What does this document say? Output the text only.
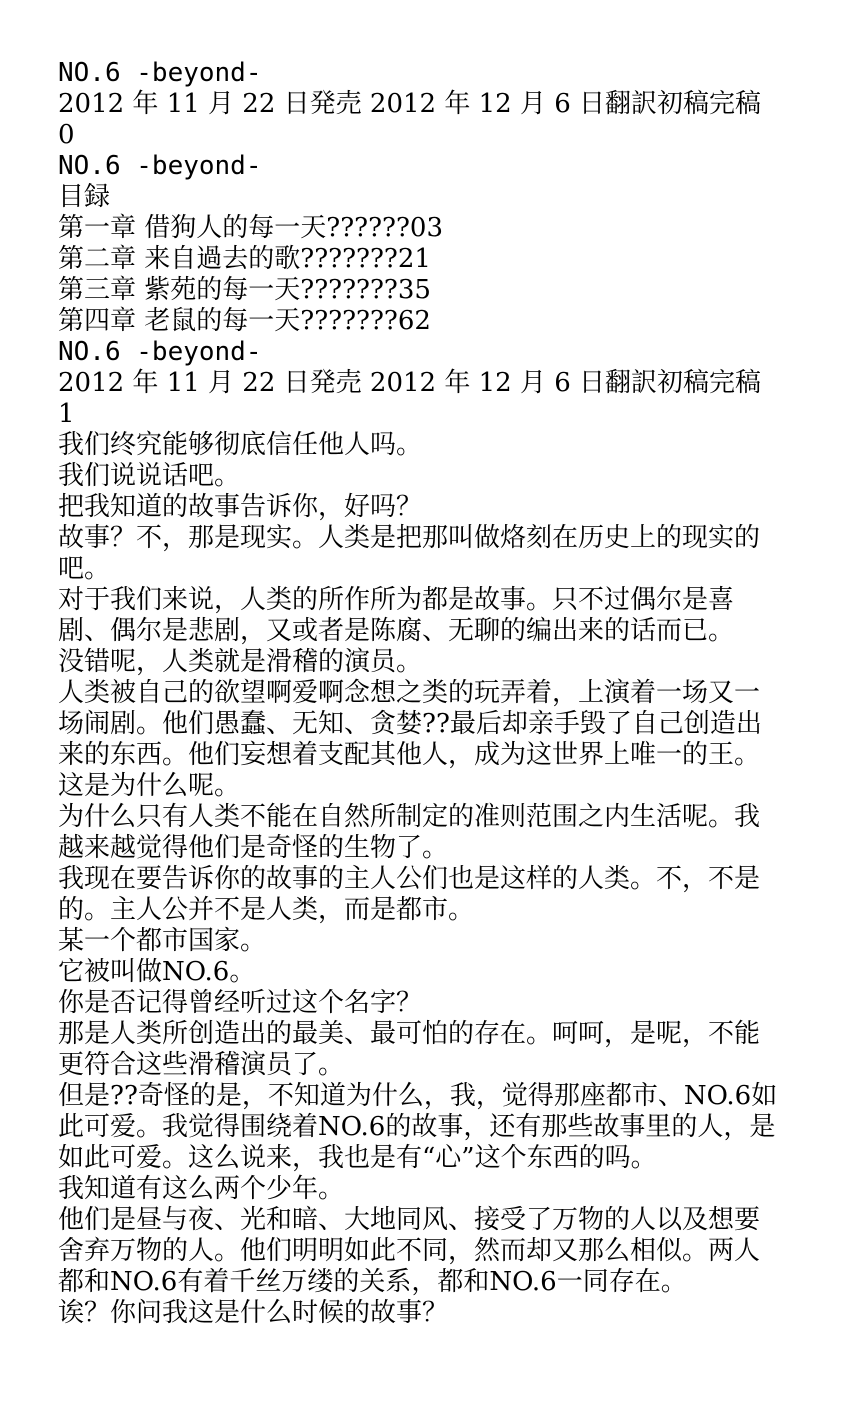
NO.6 -beyond-
2012 年 11 月 22 日発売 2012 年 12 月 6 日翻訳初稿完稿
0
NO.6 -beyond-
目録
第一章 借狗人的每一天??????03
第二章 来自過去的歌???????21
第三章 紫苑的每一天???????35
第四章 老鼠的每一天???????62
NO.6 -beyond-
2012 年 11 月 22 日発売 2012 年 12 月 6 日翻訳初稿完稿
1
我们终究能够彻底信任他人吗。
我们说说话吧。
把我知道的故事告诉你，好吗？
故事？不，那是现实。人类是把那叫做烙刻在历史上的现实的
吧。
对于我们来说，人类的所作所为都是故事。只不过偶尔是喜
剧、偶尔是悲剧，又或者是陈腐、无聊的编出来的话而已。
没错呢，人类就是滑稽的演员。
人类被自己的欲望啊爱啊念想之类的玩弄着，上演着一场又一
场闹剧。他们愚蠢、无知、贪婪??最后却亲手毁了自己创造出
来的东西。他们妄想着支配其他人，成为这世界上唯一的王。
这是为什么呢。
为什么只有人类不能在自然所制定的准则范围之内生活呢。我
越来越觉得他们是奇怪的生物了。
我现在要告诉你的故事的主人公们也是这样的人类。不，不是
的。主人公并不是人类，而是都市。
某一个都市国家。
它被叫做NO.6。
你是否记得曾经听过这个名字？
那是人类所创造出的最美、最可怕的存在。呵呵，是呢，不能
更符合这些滑稽演员了。
但是??奇怪的是，不知道为什么，我，觉得那座都市、NO.6如
此可爱。我觉得围绕着NO.6的故事，还有那些故事里的人，是
如此可爱。这么说来，我也是有“心”这个东西的吗。
我知道有这么两个少年。
他们是昼与夜、光和暗、大地同风、接受了万物的人以及想要
舍弃万物的人。他们明明如此不同，然而却又那么相似。两人
都和NO.6有着千丝万缕的关系，都和NO.6一同存在。
诶？你问我这是什么时候的故事？
